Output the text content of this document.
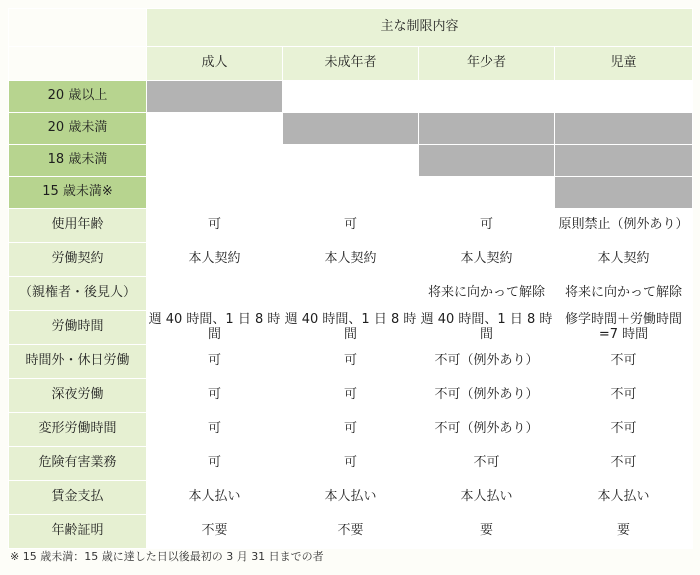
	主な制限内容			
	成人	未成年者	年少者	児童
20 歳以上				
20 歳未満				
18 歳未満				
15 歳未満※				
使用年齢	可	可	可	原則禁止（例外あり）
労働契約	本人契約	本人契約	本人契約	本人契約
（親権者・後見人）			将来に向かって解除	将来に向かって解除
労働時間	週 40 時間、1 日 8 時間	週 40 時間、1 日 8 時間	週 40 時間、1 日 8 時間	修学時間＋労働時間
=7 時間
時間外・休日労働	可	可	不可（例外あり）	不可
深夜労働	可	可	不可（例外あり）	不可
変形労働時間	可	可	不可（例外あり）	不可
危険有害業務	可	可	不可	不可
賃金支払	本人払い	本人払い	本人払い	本人払い
年齢証明	不要	不要	要	要
※ 15 歳未満：15 歳に達した日以後最初の 3 月 31 日までの者
